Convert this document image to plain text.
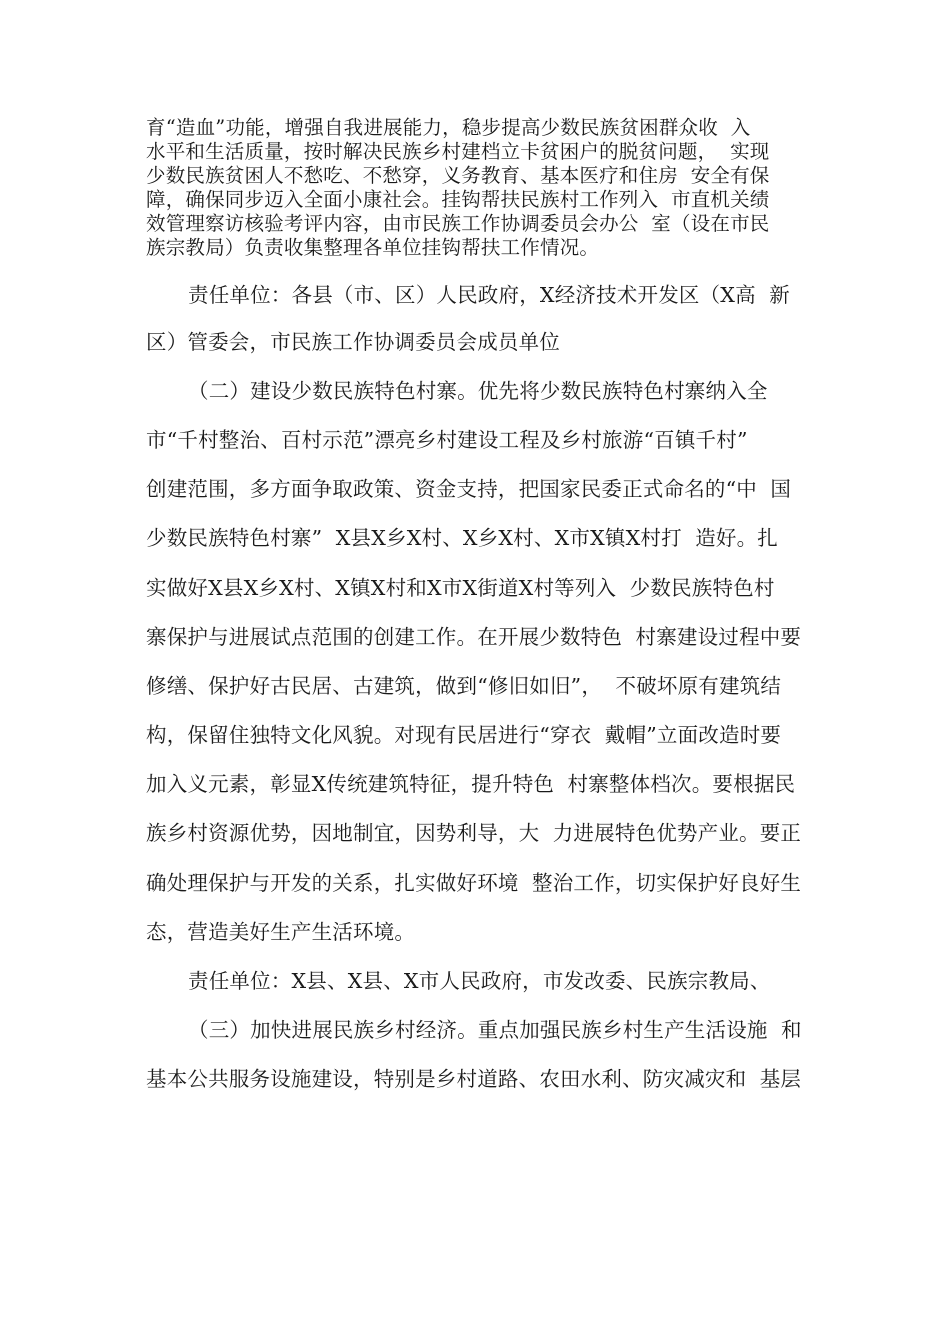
育“造血”功能，增强自我进展能力，稳步提高少数民族贫困群众收  入
水平和生活质量，按时解决民族乡村建档立卡贫困户的脱贫问题，  实现
少数民族贫困人不愁吃、不愁穿，义务教育、基本医疗和住房  安全有保
障，确保同步迈入全面小康社会。挂钩帮扶民族村工作列入  市直机关绩
效管理察访核验考评内容，由市民族工作协调委员会办公  室（设在市民
族宗教局）负责收集整理各单位挂钩帮扶工作情况。
责任单位：各县（市、区）人民政府，X经济技术开发区（X高  新
区）管委会，市民族工作协调委员会成员单位
（二）建设少数民族特色村寨。优先将少数民族特色村寨纳入全
市“千村整治、百村示范”漂亮乡村建设工程及乡村旅游“百镇千村”
创建范围，多方面争取政策、资金支持，把国家民委正式命名的“中  国
少数民族特色村寨”  X县X乡X村、X乡X村、X市X镇X村打  造好。扎
实做好X县X乡X村、X镇X村和X市X街道X村等列入  少数民族特色村
寨保护与进展试点范围的创建工作。在开展少数特色  村寨建设过程中要
修缮、保护好古民居、古建筑，做到“修旧如旧”，  不破坏原有建筑结
构，保留住独特文化风貌。对现有民居进行“穿衣  戴帽”立面改造时要
加入义元素，彰显X传统建筑特征，提升特色  村寨整体档次。要根据民
族乡村资源优势，因地制宜，因势利导，大  力进展特色优势产业。要正
确处理保护与开发的关系，扎实做好环境  整治工作，切实保护好良好生
态，营造美好生产生活环境。
责任单位：X县、X县、X市人民政府，市发改委、民族宗教局、
（三）加快进展民族乡村经济。重点加强民族乡村生产生活设施  和
基本公共服务设施建设，特别是乡村道路、农田水利、防灾减灾和  基层
